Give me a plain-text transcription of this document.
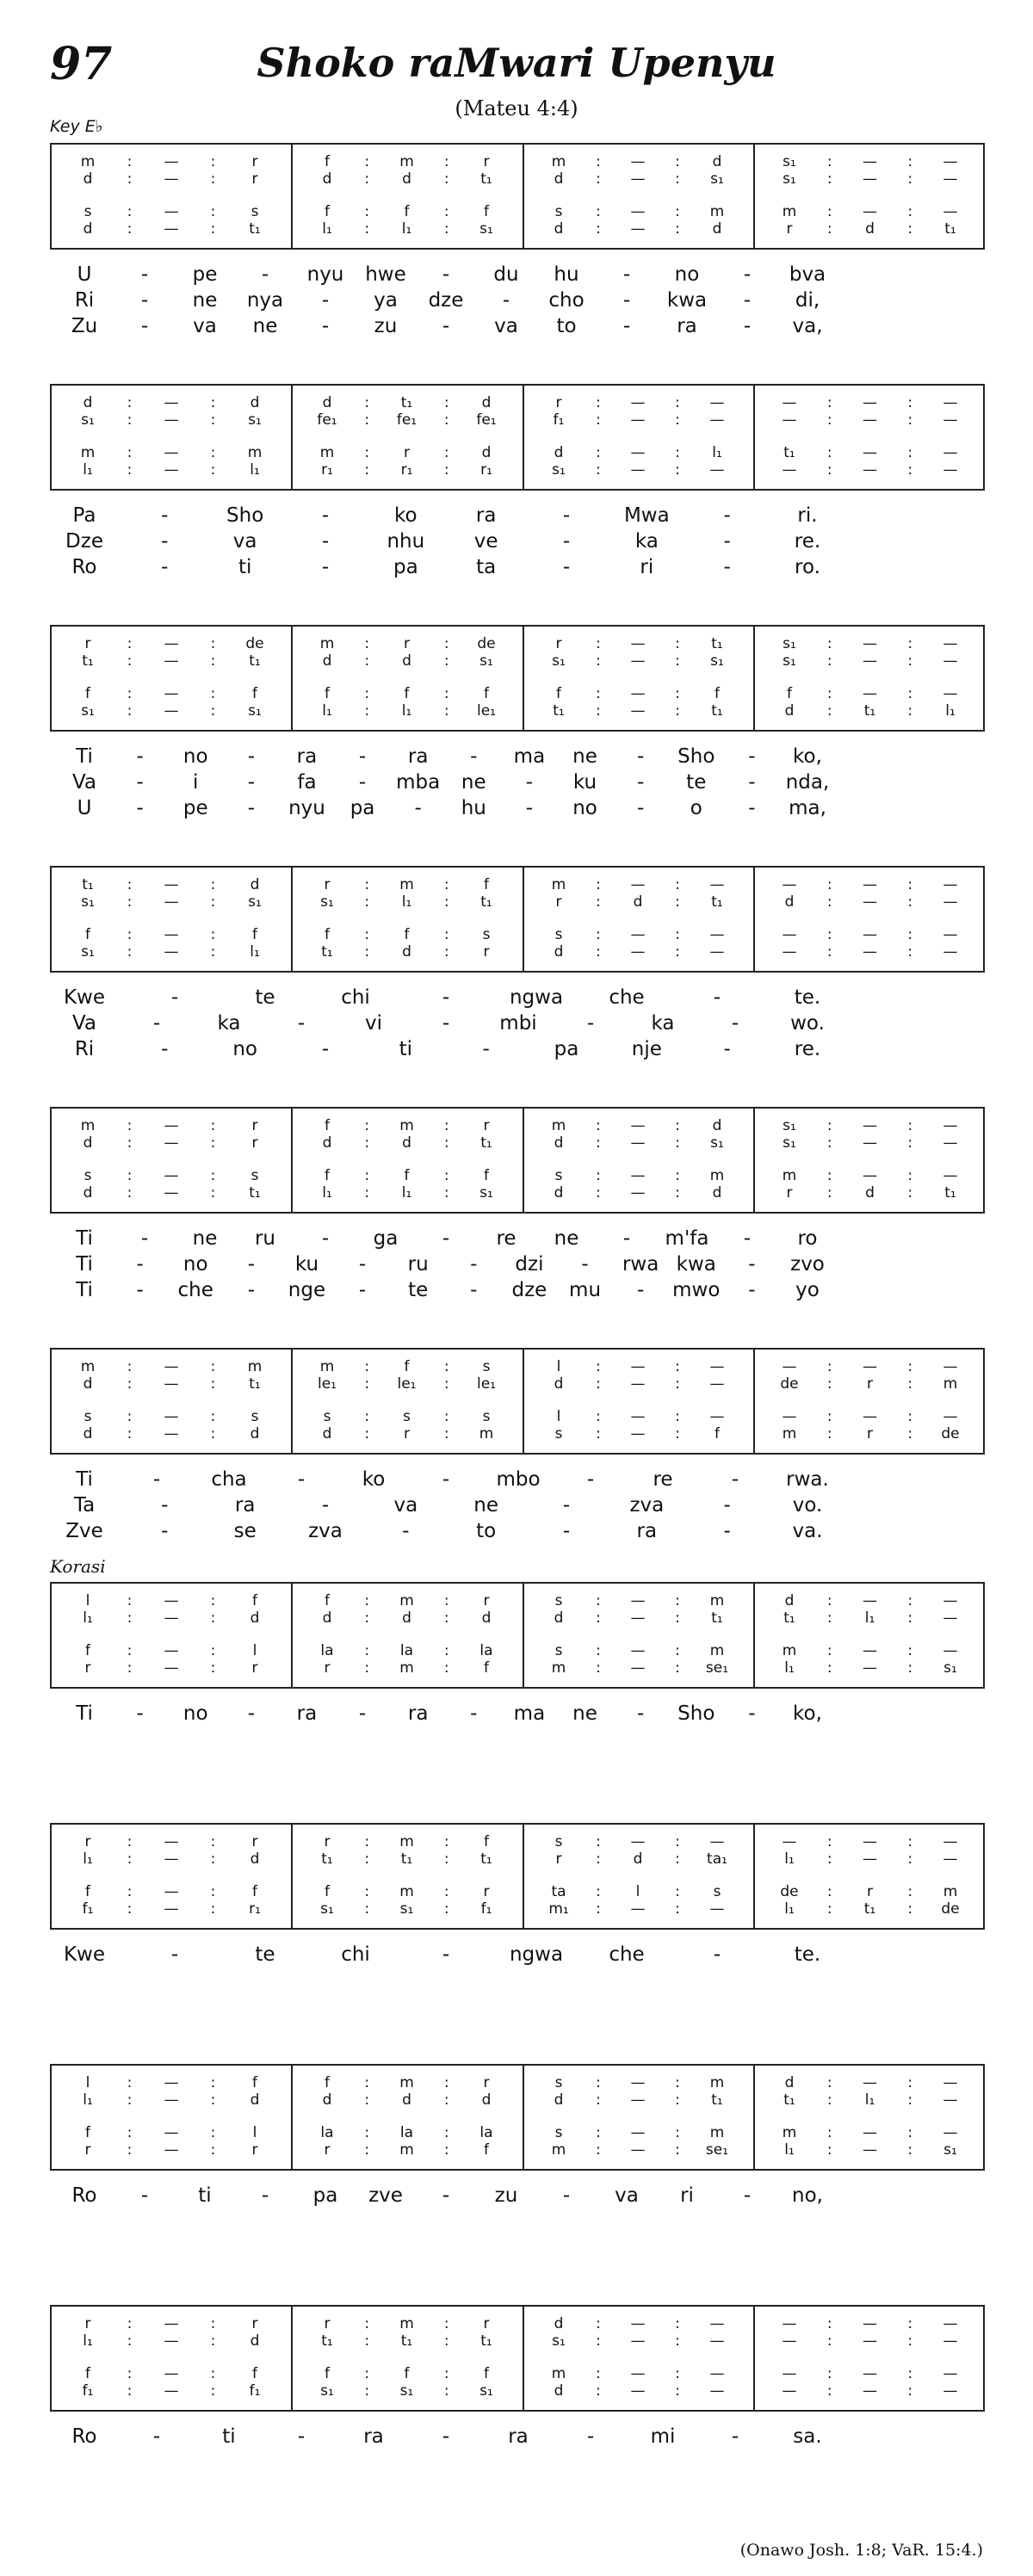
97	Shoko raMwari Upenyu
(Mateu 4:4)
Key E♭
m	:	—	:	r	f	:	m	:	r	m	:	—	:	d	s₁	:	—	:	—
d	:	—	:	r	d	:	d	:	t₁	d	:	—	:	s₁	s₁	:	—	:	—
s	:	—	:	s	f	:	f	:	f	s	:	—	:	m	m	:	—	:	—
d	:	—	:	t₁	l₁	:	l₁	:	s₁	d	:	—	:	d	r	:	d	:	t₁
U - pe - nyu hwe - du hu - no - bva
Ri - ne nya - ya dze - cho - kwa - di,
Zu - va ne - zu - va to - ra - va,
d	:	—	:	d	d	:	t₁	:	d	r	:	—	:	—	—	:	—	:	—
s₁	:	—	:	s₁	fe₁	:	fe₁	:	fe₁	f₁	:	—	:	—	—	:	—	:	—
m	:	—	:	m	m	:	r	:	d	d	:	—	:	l₁	t₁	:	—	:	—
l₁	:	—	:	l₁	r₁	:	r₁	:	r₁	s₁	:	—	:	—	—	:	—	:	—
Pa	-	Sho	-	ko	ra	-	Mwa	-	ri.
Dze	-	va	-	nhu	ve	-	ka	-	re.
Ro	-	ti	-	pa	ta	-	ri	-	ro.
r	:	—	:	de	m	:	r	:	de	r	:	—	:	t₁	s₁	:	—	:	—
t₁	:	—	:	t₁	d	:	d	:	s₁	s₁	:	—	:	s₁	s₁	:	—	:	—
f	:	—	:	f	f	:	f	:	f	f	:	—	:	f	f	:	—	:	—
s₁	:	—	:	s₁	l₁	:	l₁	:	le₁	t₁	:	—	:	t₁	d	:	t₁	:	l₁
Ti - no - ra - ra - ma ne - Sho - ko,
Va - i - fa - mba ne - ku - te - nda,
U - pe - nyu pa - hu - no - o - ma,
t₁	:	—	:	d	r	:	m	:	f	m	:	—	:	—	—	:	—	:	—
s₁	:	—	:	s₁	s₁	:	l₁	:	t₁	r	:	d	:	t₁	d	:	—	:	—
f	:	—	:	f	f	:	f	:	s	s	:	—	:	—	—	:	—	:	—
s₁	:	—	:	l₁	t₁	:	d	:	r	d	:	—	:	—	—	:	—	:	—
Kwe	-	te	chi	-	ngwa che	-	te.
Va	-	ka	-	vi	-	mbi	-	ka	-	wo.
Ri	-	no	-	ti	-	pa	nje	-	re.
m	:	—	:	r	f	:	m	:	r	m	:	—	:	d	s₁	:	—	:	—
d	:	—	:	r	d	:	d	:	t₁	d	:	—	:	s₁	s₁	:	—	:	—
s	:	—	:	s	f	:	f	:	f	s	:	—	:	m	m	:	—	:	—
d	:	—	:	t₁	l₁	:	l₁	:	s₁	d	:	—	:	d	r	:	d	:	t₁
Ti - ne ru - ga - re ne - m'fa - ro
Ti - no - ku - ru - dzi - rwa kwa - zvo
Ti - che - nge - te - dze mu - mwo - yo
m	:	—	:	m	m	:	f	:	s	l	:	—	:	—	—	:	—	:	—
d	:	—	:	t₁	le₁	:	le₁	:	le₁	d	:	—	:	—	de	:	r	:	m
s	:	—	:	s	s	:	s	:	s	l	:	—	:	—	—	:	—	:	—
d	:	—	:	d	d	:	r	:	m	s	:	—	:	f	m	:	r	:	de
Ti	-	cha	-	ko	- mbo -	re	- rwa.
Ta	-	ra	-	va	ne	-	zva	-	vo.
Zve	-	se	zva	-	to	-	ra	-	va.
l	:	—	:	f	f	:	m	:	r	s	:	—	:	m	d	:	—	:	—
l₁	:	—	:	d	d	:	d	:	d	d	:	—	:	t₁	t₁	:	l₁	:	—
f	:	—	:	l	la	:	la	:	la	s	:	—	:	m	m	:	—	:	—
r	:	—	:	r	r	:	m	:	f	m	:	—	:	se₁	l₁	:	—	:	s₁
Ti - no - ra - ra - ma ne - Sho - ko,
r	:	—	:	r	r	:	m	:	f	s	:	—	:	—	—	:	—	:	—
l₁	:	—	:	d	t₁	:	t₁	:	t₁	r	:	d	:	ta₁	l₁	:	—	:	—
f	:	—	:	f	f	:	m	:	r	ta	:	l	:	s	de	:	r	:	m
f₁	:	—	:	r₁	s₁	:	s₁	:	f₁	m₁	:	—	:	—	l₁	:	t₁	:	de
Kwe	-	te	chi	-	ngwa che	-	te.
l	:	—	:	f	f	:	m	:	r	s	:	—	:	m	d	:	—	:	—
l₁	:	—	:	d	d	:	d	:	d	d	:	—	:	t₁	t₁	:	l₁	:	—
f	:	—	:	l	la	:	la	:	la	s	:	—	:	m	m	:	—	:	—
r	:	—	:	r	r	:	m	:	f	m	:	—	:	se₁	l₁	:	—	:	s₁
Ro -	ti	- pa zve - zu - va ri	- no,
r	:	—	:	r	r	:	m	:	r	d	:	—	:	—	—	:	—	:	—
l₁	:	—	:	d	t₁	:	t₁	:	t₁	s₁	:	—	:	—	—	:	—	:	—
f	:	—	:	f	f	:	f	:	f	m	:	—	:	—	—	:	—	:	—
f₁	:	—	:	f₁	s₁	:	s₁	:	s₁	d	:	—	:	—	—	:	—	:	—
Ro	-	ti	-	ra	-	ra	-	mi	-	sa.
Korasi
(Onawo Josh. 1:8; VaR. 15:4.)
